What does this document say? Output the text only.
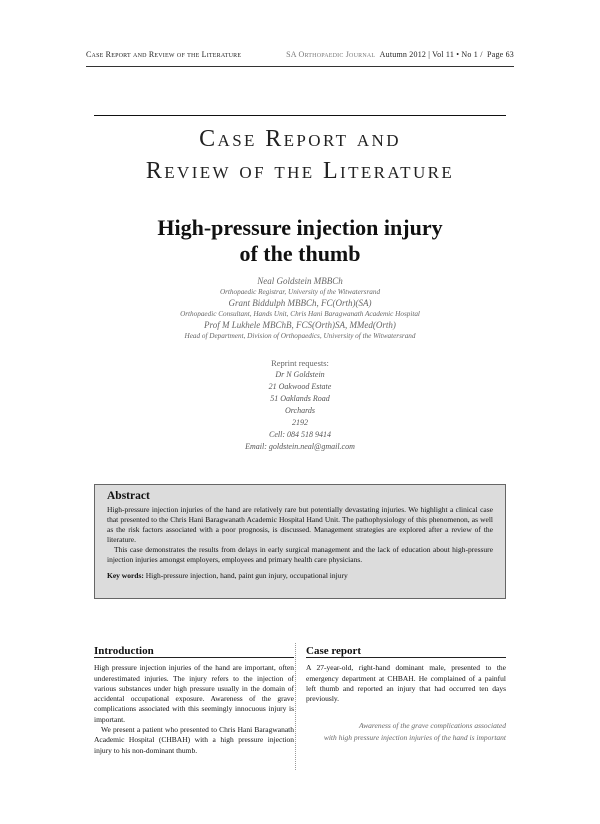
Case Report and Review of the Literature	SA Orthopaedic Journal Autumn 2012 | Vol 11 • No 1 /  Page 63
Case Report and
Review of the Literature
High-pressure injection injury
of the thumb
Neal Goldstein MBBCh
Orthopaedic Registrar, University of the Witwatersrand
Grant Biddulph MBBCh, FC(Orth)(SA)
Orthopaedic Consultant, Hands Unit, Chris Hani Baragwanath Academic Hospital
Prof M Lukhele MBChB, FCS(Orth)SA, MMed(Orth)
Head of Department, Division of Orthopaedics, University of the Witwatersrand
Reprint requests:
Dr N Goldstein
21 Oakwood Estate
51 Oaklands Road
Orchards
2192
Cell: 084 518 9414
Email: goldstein.neal@gmail.com
Abstract

High-pressure injection injuries of the hand are relatively rare but potentially devastating injuries. We highlight a clinical case that presented to the Chris Hani Baragwanath Academic Hospital Hand Unit. The pathophysiology of this phenomenon, as well as the risk factors associated with a poor prognosis, is discussed. Management strategies are explored after a review of the literature.

This case demonstrates the results from delays in early surgical management and the lack of education about high-pressure injection injuries amongst employers, employees and primary health care physicians.

Key words: High-pressure injection, hand, paint gun injury, occupational injury

Introduction

High pressure injection injuries of the hand are important, often underestimated injuries. The injury refers to the injection of various substances under high pressure usually in the domain of accidental occupational exposure. Awareness of the grave complications associated with this seemingly innocuous injury is important.

We present a patient who presented to Chris Hani Baragwanath Academic Hospital (CHBAH) with a high pressure injection injury to his non-dominant thumb.

Case report

A 27-year-old, right-hand dominant male, presented to the emergency department at CHBAH. He complained of a painful left thumb and reported an injury that had occurred ten days previously.

Awareness of the grave complications associated
with high pressure injection injuries of the hand is important
